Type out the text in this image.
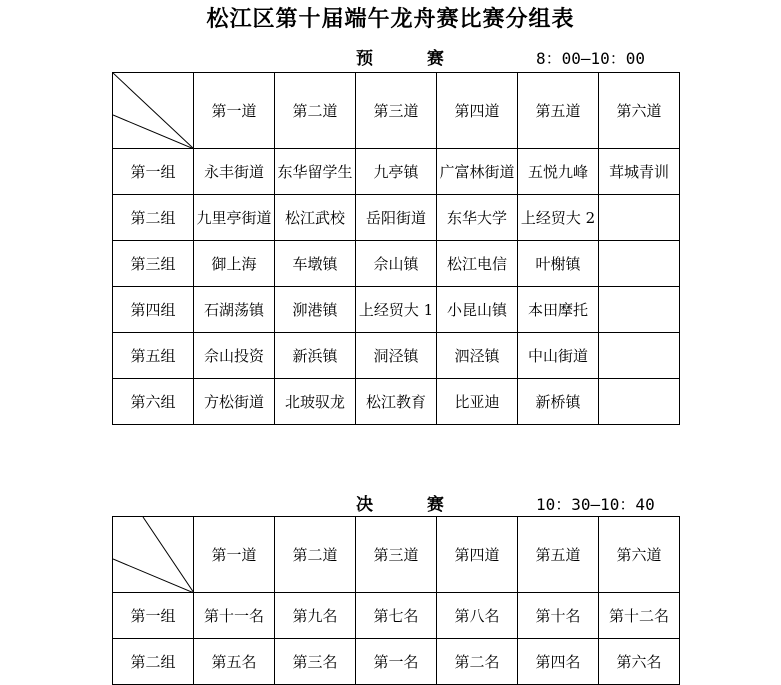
松江区第十届端午龙舟赛比赛分组表
预 赛	8：00—10：00
	第一道	第二道	第三道	第四道	第五道	第六道
第一组	永丰街道	东华留学生	九亭镇	广富林街道	五悦九峰	茸城青训
第二组	九里亭街道	松江武校	岳阳街道	东华大学	上经贸大 2	
第三组	御上海	车墩镇	佘山镇	松江电信	叶榭镇	
第四组	石湖荡镇	泖港镇	上经贸大 1	小昆山镇	本田摩托	
第五组	佘山投资	新浜镇	洞泾镇	泗泾镇	中山街道	
第六组	方松街道	北玻驭龙	松江教育	比亚迪	新桥镇	
决 赛	10：30—10：40
	第一道	第二道	第三道	第四道	第五道	第六道
第一组	第十一名	第九名	第七名	第八名	第十名	第十二名
第二组	第五名	第三名	第一名	第二名	第四名	第六名
